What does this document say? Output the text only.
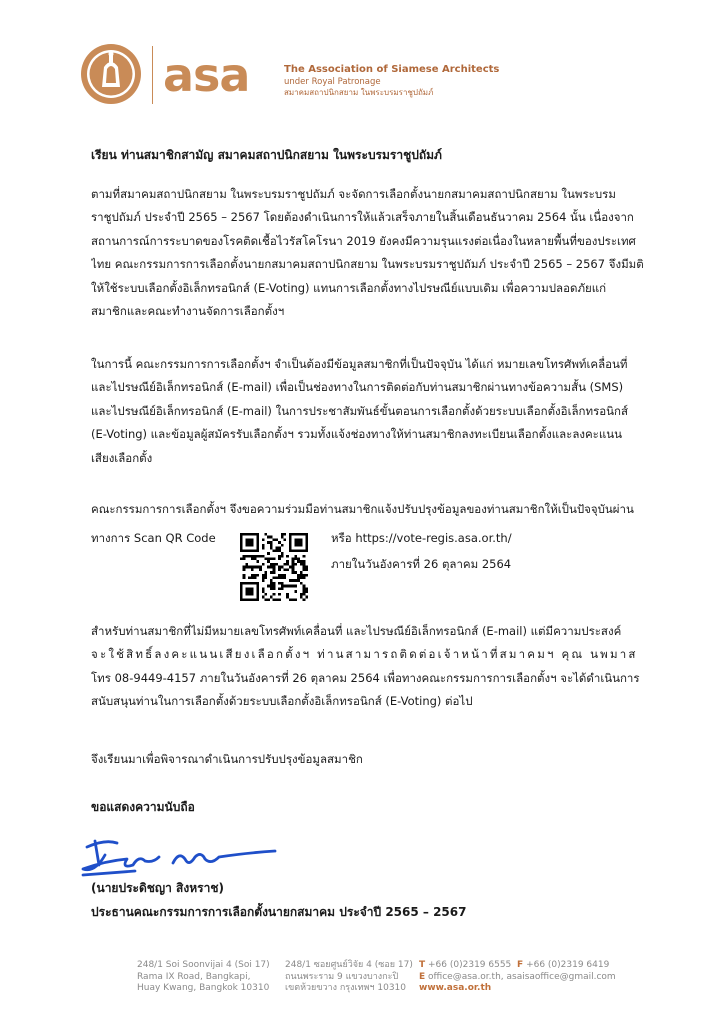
asa	The Association of Siamese Architects
under Royal Patronage
สมาคมสถาปนิกสยาม ในพระบรมราชูปถัมภ์
เรียน ท่านสมาชิกสามัญ สมาคมสถาปนิกสยาม ในพระบรมราชูปถัมภ์
ตามที่สมาคมสถาปนิกสยาม ในพระบรมราชูปถัมภ์ จะจัดการเลือกตั้งนายกสมาคมสถาปนิกสยาม ในพระบรม
ราชูปถัมภ์ ประจำปี 2565 – 2567 โดยต้องดำเนินการให้แล้วเสร็จภายในสิ้นเดือนธันวาคม 2564 นั้น เนื่องจาก
สถานการณ์การระบาดของโรคติดเชื้อไวรัสโคโรนา 2019 ยังคงมีความรุนแรงต่อเนื่องในหลายพื้นที่ของประเทศ
ไทย คณะกรรมการการเลือกตั้งนายกสมาคมสถาปนิกสยาม ในพระบรมราชูปถัมภ์ ประจำปี 2565 – 2567 จึงมีมติ
ให้ใช้ระบบเลือกตั้งอิเล็กทรอนิกส์ (E-Voting) แทนการเลือกตั้งทางไปรษณีย์แบบเดิม เพื่อความปลอดภัยแก่
สมาชิกและคณะทำงานจัดการเลือกตั้งฯ
ในการนี้ คณะกรรมการการเลือกตั้งฯ จำเป็นต้องมีข้อมูลสมาชิกที่เป็นปัจจุบัน ได้แก่ หมายเลขโทรศัพท์เคลื่อนที่
และไปรษณีย์อิเล็กทรอนิกส์ (E-mail) เพื่อเป็นช่องทางในการติดต่อกับท่านสมาชิกผ่านทางข้อความสั้น (SMS)
และไปรษณีย์อิเล็กทรอนิกส์ (E-mail) ในการประชาสัมพันธ์ขั้นตอนการเลือกตั้งด้วยระบบเลือกตั้งอิเล็กทรอนิกส์
(E-Voting) และข้อมูลผู้สมัครรับเลือกตั้งฯ รวมทั้งแจ้งช่องทางให้ท่านสมาชิกลงทะเบียนเลือกตั้งและลงคะแนน
เสียงเลือกตั้ง
คณะกรรมการการเลือกตั้งฯ จึงขอความร่วมมือท่านสมาชิกแจ้งปรับปรุงข้อมูลของท่านสมาชิกให้เป็นปัจจุบันผ่าน
ทางการ Scan QR Code	หรือ https://vote-regis.asa.or.th/
ภายในวันอังคารที่ 26 ตุลาคม 2564
สำหรับท่านสมาชิกที่ไม่มีหมายเลขโทรศัพท์เคลื่อนที่ และไปรษณีย์อิเล็กทรอนิกส์ (E-mail) แต่มีความประสงค์
จะใช้สิทธิ์ลงคะแนนเสียงเลือกตั้งฯ ท่านสามารถติดต่อเจ้าหน้าที่สมาคมฯ คุณ นพมาส
โทร 08-9449-4157 ภายในวันอังคารที่ 26 ตุลาคม 2564 เพื่อทางคณะกรรมการการเลือกตั้งฯ จะได้ดำเนินการ
สนับสนุนท่านในการเลือกตั้งด้วยระบบเลือกตั้งอิเล็กทรอนิกส์ (E-Voting) ต่อไป
จึงเรียนมาเพื่อพิจารณาดำเนินการปรับปรุงข้อมูลสมาชิก
ขอแสดงความนับถือ
(นายประดิชญา สิงหราช)
ประธานคณะกรรมการการเลือกตั้งนายกสมาคม ประจำปี 2565 – 2567
248/1 Soi Soonvijai 4 (Soi 17)
Rama IX Road, Bangkapi,
Huay Kwang, Bangkok 10310
248/1 ซอยศูนย์วิจัย 4 (ซอย 17)
ถนนพระราม 9 แขวงบางกะปิ
เขตห้วยขวาง กรุงเทพฯ 10310
T +66 (0)2319 6555 F +66 (0)2319 6419
E office@asa.or.th, asaisaoffice@gmail.com
www.asa.or.th
